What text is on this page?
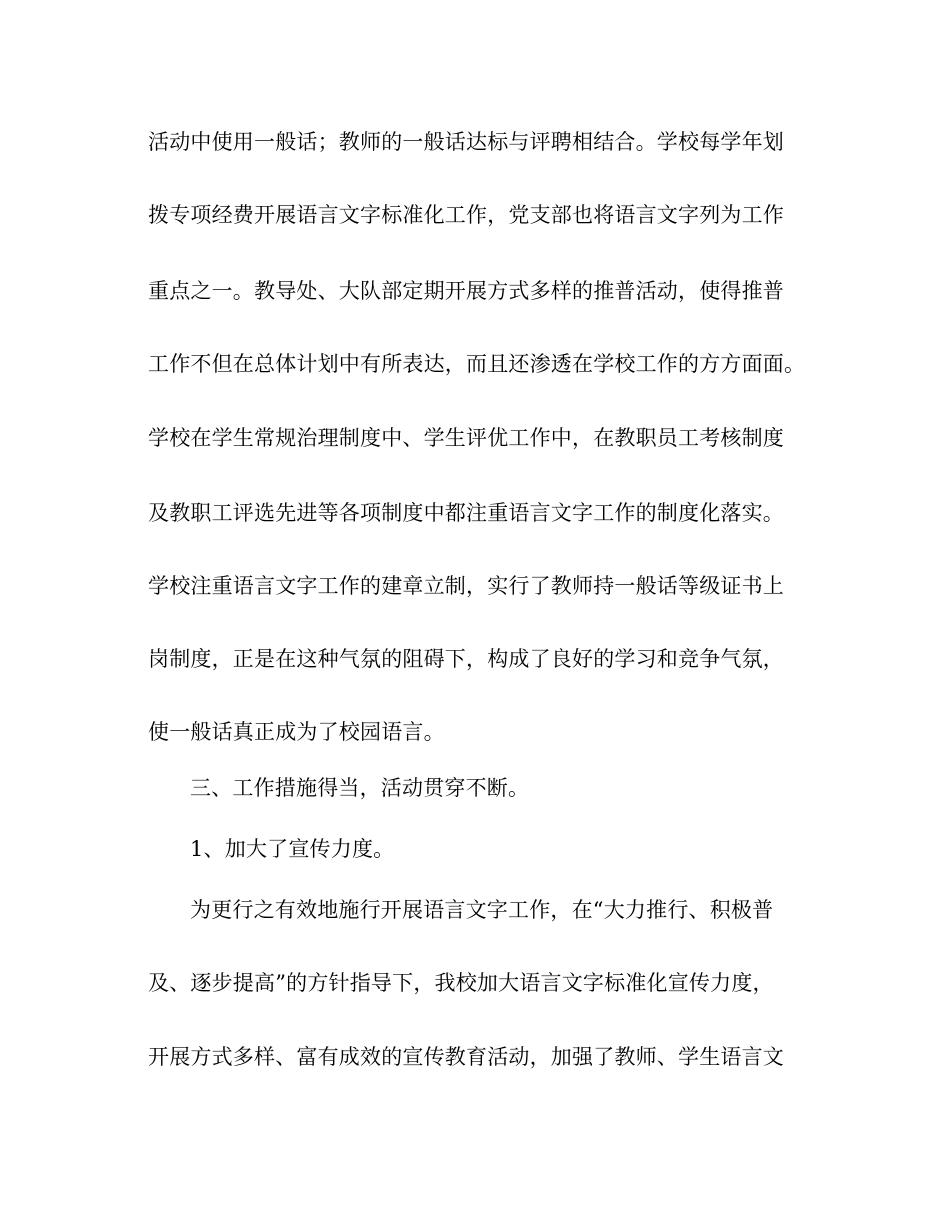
活动中使用一般话；教师的一般话达标与评聘相结合。学校每学年划
拨专项经费开展语言文字标准化工作，党支部也将语言文字列为工作
重点之一。教导处、大队部定期开展方式多样的推普活动，使得推普
工作不但在总体计划中有所表达，而且还渗透在学校工作的方方面面。
学校在学生常规治理制度中、学生评优工作中，在教职员工考核制度
及教职工评选先进等各项制度中都注重语言文字工作的制度化落实。
学校注重语言文字工作的建章立制，实行了教师持一般话等级证书上
岗制度，正是在这种气氛的阻碍下，构成了良好的学习和竞争气氛，
使一般话真正成为了校园语言。
三、工作措施得当，活动贯穿不断。
1、加大了宣传力度。
为更行之有效地施行开展语言文字工作，在“大力推行、积极普
及、逐步提高”的方针指导下，我校加大语言文字标准化宣传力度，
开展方式多样、富有成效的宣传教育活动，加强了教师、学生语言文
